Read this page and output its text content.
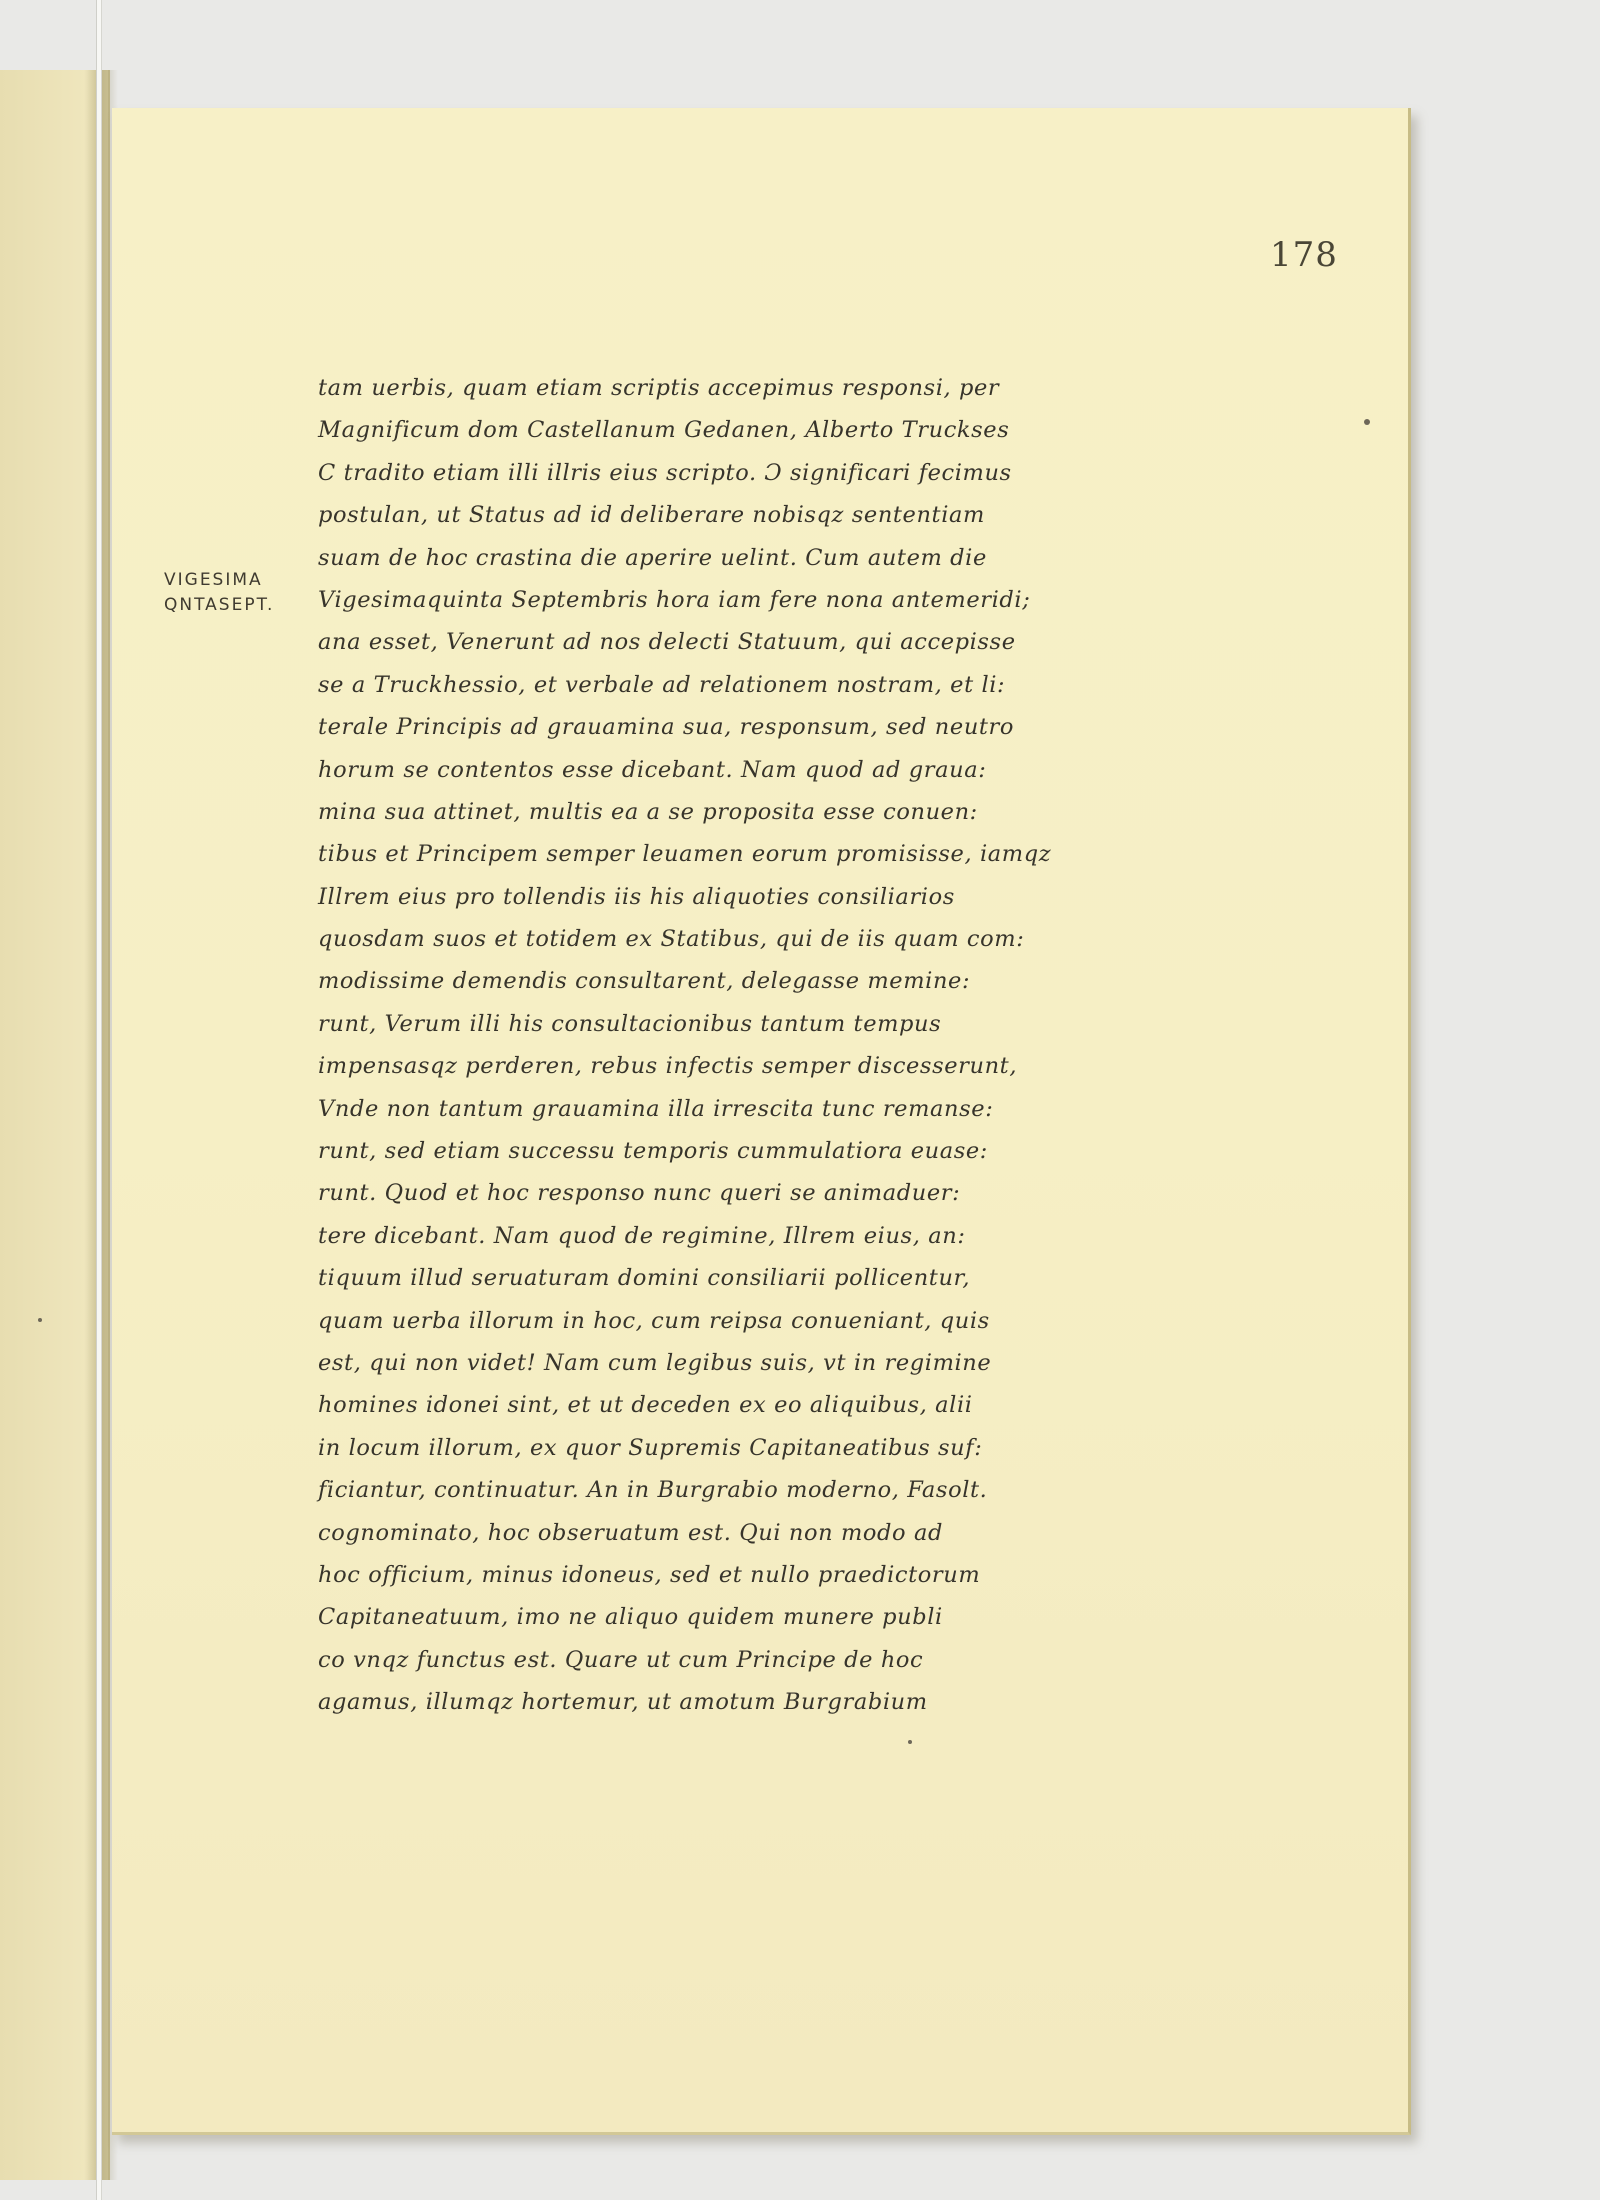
178
VIGESIMA
QNTASEPT.
tam uerbis, quam etiam scriptis accepimus responsi, per
Magnificum dom Castellanum Gedanen, Alberto Truckses
C tradito etiam illi illris eius scripto. Ɔ significari fecimus
postulan, ut Status ad id deliberare nobisqz sententiam
suam de hoc crastina die aperire uelint. Cum autem die
Vigesimaquinta Septembris hora iam fere nona antemeridi;
ana esset, Venerunt ad nos delecti Statuum, qui accepisse
se a Truckhessio, et verbale ad relationem nostram, et li:
terale Principis ad grauamina sua, responsum, sed neutro
horum se contentos esse dicebant. Nam quod ad graua:
mina sua attinet, multis ea a se proposita esse conuen:
tibus et Principem semper leuamen eorum promisisse, iamqz
Illrem eius pro tollendis iis his aliquoties consiliarios
quosdam suos et totidem ex Statibus, qui de iis quam com:
modissime demendis consultarent, delegasse memine:
runt, Verum illi his consultacionibus tantum tempus
impensasqz perderen, rebus infectis semper discesserunt,
Vnde non tantum grauamina illa irrescita tunc remanse:
runt, sed etiam successu temporis cummulatiora euase:
runt. Quod et hoc responso nunc queri se animaduer:
tere dicebant. Nam quod de regimine, Illrem eius, an:
tiquum illud seruaturam domini consiliarii pollicentur,
quam uerba illorum in hoc, cum reipsa conueniant, quis
est, qui non videt! Nam cum legibus suis, vt in regimine
homines idonei sint, et ut deceden ex eo aliquibus, alii
in locum illorum, ex quor Supremis Capitaneatibus suf:
ficiantur, continuatur. An in Burgrabio moderno, Fasolt.
cognominato, hoc obseruatum est. Qui non modo ad
hoc officium, minus idoneus, sed et nullo praedictorum
Capitaneatuum, imo ne aliquo quidem munere publi
co vnqz functus est. Quare ut cum Principe de hoc
agamus, illumqz hortemur, ut amotum Burgrabium
